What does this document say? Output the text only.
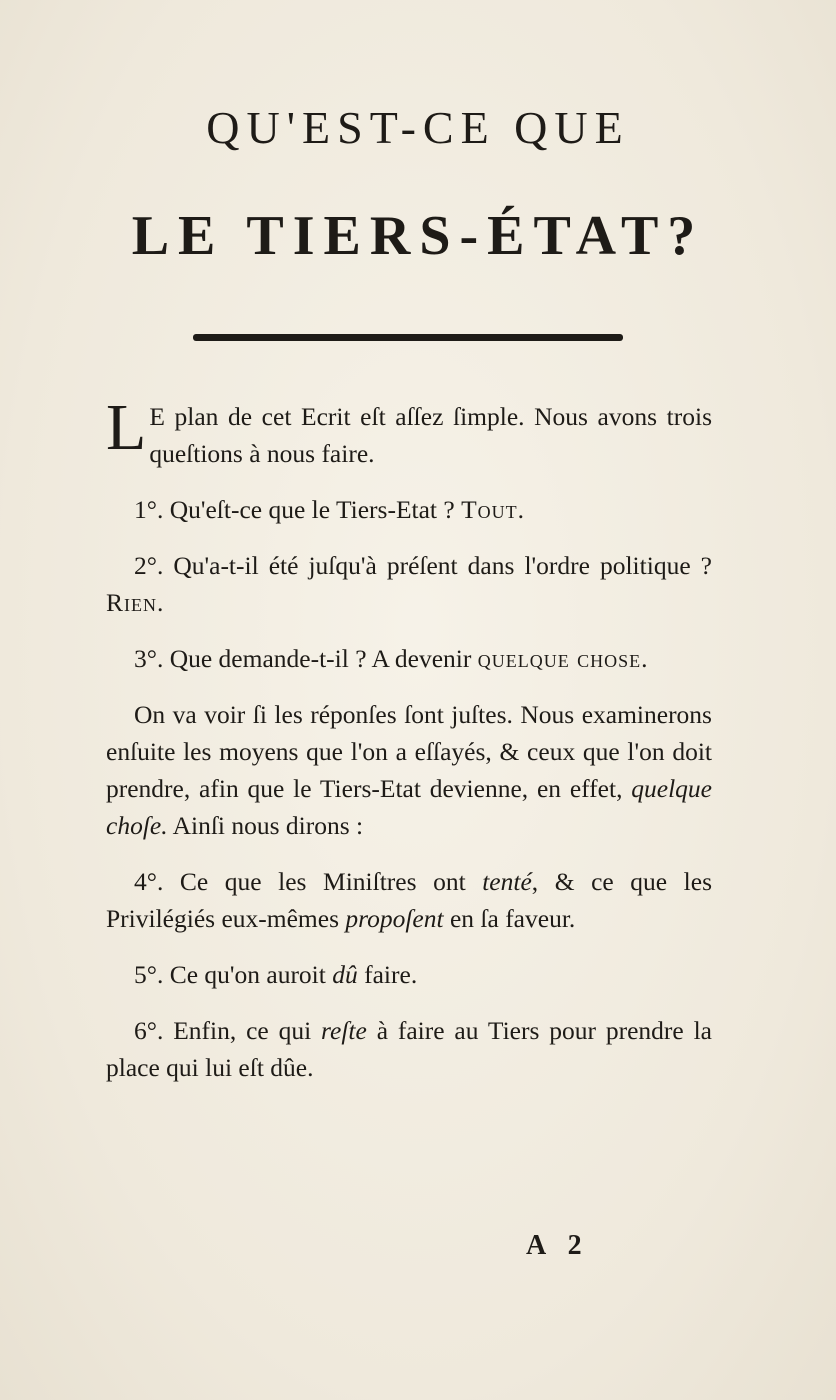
QU'EST-CE QUE
LE TIERS-ÉTAT?

L E plan de cet Ecrit eſt aſſez ſimple. Nous avons trois queſtions à nous faire.

1°. Qu'eſt-ce que le Tiers-Etat ? Tout.

2°. Qu'a-t-il été juſqu'à préſent dans l'ordre politique ? Rien.

3°. Que demande-t-il ? A devenir quelque chose.

On va voir ſi les réponſes ſont juſtes. Nous examinerons enſuite les moyens que l'on a eſſayés, & ceux que l'on doit prendre, afin que le Tiers-Etat devienne, en effet, quelque choſe. Ainſi nous dirons :

4°. Ce que les Miniſtres ont tenté, & ce que les Privilégiés eux-mêmes propoſent en ſa faveur.

5°. Ce qu'on auroit dû faire.

6°. Enfin, ce qui reſte à faire au Tiers pour prendre la place qui lui eſt dûe.

A 2
